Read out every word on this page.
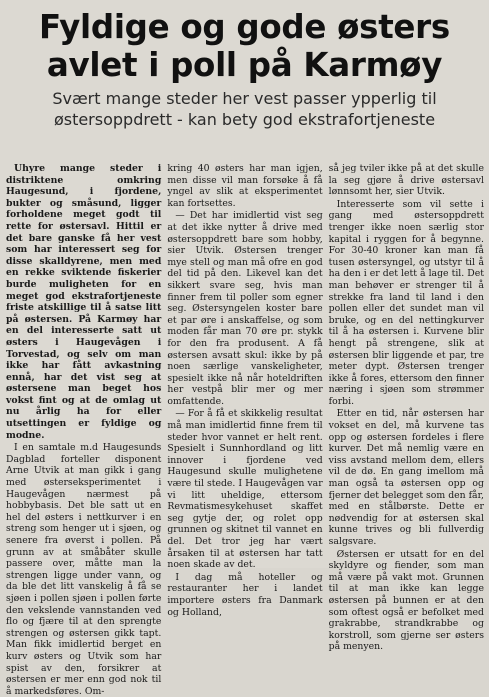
Fyldige og gode østers
avlet i poll på Karmøy
Svært mange steder her vest passer ypperlig til
østersoppdrett - kan bety god ekstrafortjeneste

Uhyre mange steder i distriktene omkring Haugesund, i fjordene, bukter og småsund, ligger forholdene meget godt til rette for østersavl. Hittil er det bare ganske få her vest som har interessert seg for disse skalldyrene, men med en rekke sviktende fiskerier burde muligheten for en meget god ekstrafortjeneste friste atskillige til å satse litt på østersen. På Karmøy har en del interesserte satt ut østers i Haugevågen i Torvestad, og selv om man ikke har fått avkastning ennå, har det vist seg at østersene man beget hos vokst fint og at de omlag ut nu årlig ha for eller utsettingen er fyldige og modne.

I en samtale m.d Haugesunds Dagblad forteller disponent Arne Utvik at man gikk i gang med østerseksperimentet i Haugevågen nærmest på hobbybasis. Det ble satt ut en hel del østers i nettkurver i en streng som henger ut i sjøen, og senere fra øverst i pollen. På grunn av at småbåter skulle passere over, måtte man la strengen ligge under vann, og da ble det litt vanskelig å få se sjøen i pollen sjøen i pollen førte den vekslende vannstanden ved flo og fjære til at den sprengte strengen og østersen gikk tapt. Man fikk imidlertid berget en kurv østers og Utvik som har spist av den, forsikrer at østersen er mer enn god nok til å markedsføres. Om-

kring 40 østers har man igjen, men disse vil man forsøke å få yngel av slik at eksperimentet kan fortsettes.

— Det har imidlertid vist seg at det ikke nytter å drive med østersoppdrett bare som hobby, sier Utvik. Østersen trenger mye stell og man må ofre en god del tid på den. Likevel kan det sikkert svare seg, hvis man finner frem til poller som egner seg. Østersyngelen koster bare et par øre i anskaffelse, og som moden får man 70 øre pr. stykk for den fra produsent. A få østersen avsatt skul: ikke by på noen særlige vanskeligheter, spesielt ikke nå når hoteldriften her vestpå blir mer og mer omfattende.

— For å få et skikkelig resultat må man imidlertid finne frem til steder hvor vannet er helt rent. Spesielt i Sunnhordland og litt innover i fjordene ved Haugesund skulle mulighetene være til stede. I Haugevågen var vi litt uheldige, ettersom Revmatismesykehuset skaffet seg gytje der, og rolet opp grunnen og skitnet til vannet en del. Det tror jeg har vært årsaken til at østersen har tatt noen skade av det.

I dag må hoteller og restauranter her i landet importere østers fra Danmark og Holland,

så jeg tviler ikke på at det skulle la seg gjøre å drive østersavl lønnsomt her, sier Utvik.

Interesserte som vil sette i gang med østersoppdrett trenger ikke noen særlig stor kapital i ryggen for å begynne. For 30-40 kroner kan man få tusen østersyngel, og utstyr til å ha den i er det lett å lage til. Det man behøver er strenger til å strekke fra land til land i den pollen eller det sundet man vil bruke, og en del nettingkurver til å ha østersen i. Kurvene blir hengt på strengene, slik at østersen blir liggende et par, tre meter dypt. Østersen trenger ikke å fores, ettersom den finner næring i sjøen som strømmer forbi.

Etter en tid, når østersen har vokset en del, må kurvene tas opp og østersen fordeles i flere kurver. Det må nemlig være en viss avstand mellom dem, ellers vil de dø. En gang imellom må man også ta østersen opp og fjerner det belegget som den får, med en stålbørste. Dette er nødvendig for at østersen skal kunne trives og bli fullverdig salgsvare.

Østersen er utsatt for en del skyldyre og fiender, som man må være på vakt mot. Grunnen til at man ikke kan legge østersen på bunnen er at den som oftest også er befolket med grakrabbe, strandkrabbe og korstroll, som gjerne ser østers på menyen.
